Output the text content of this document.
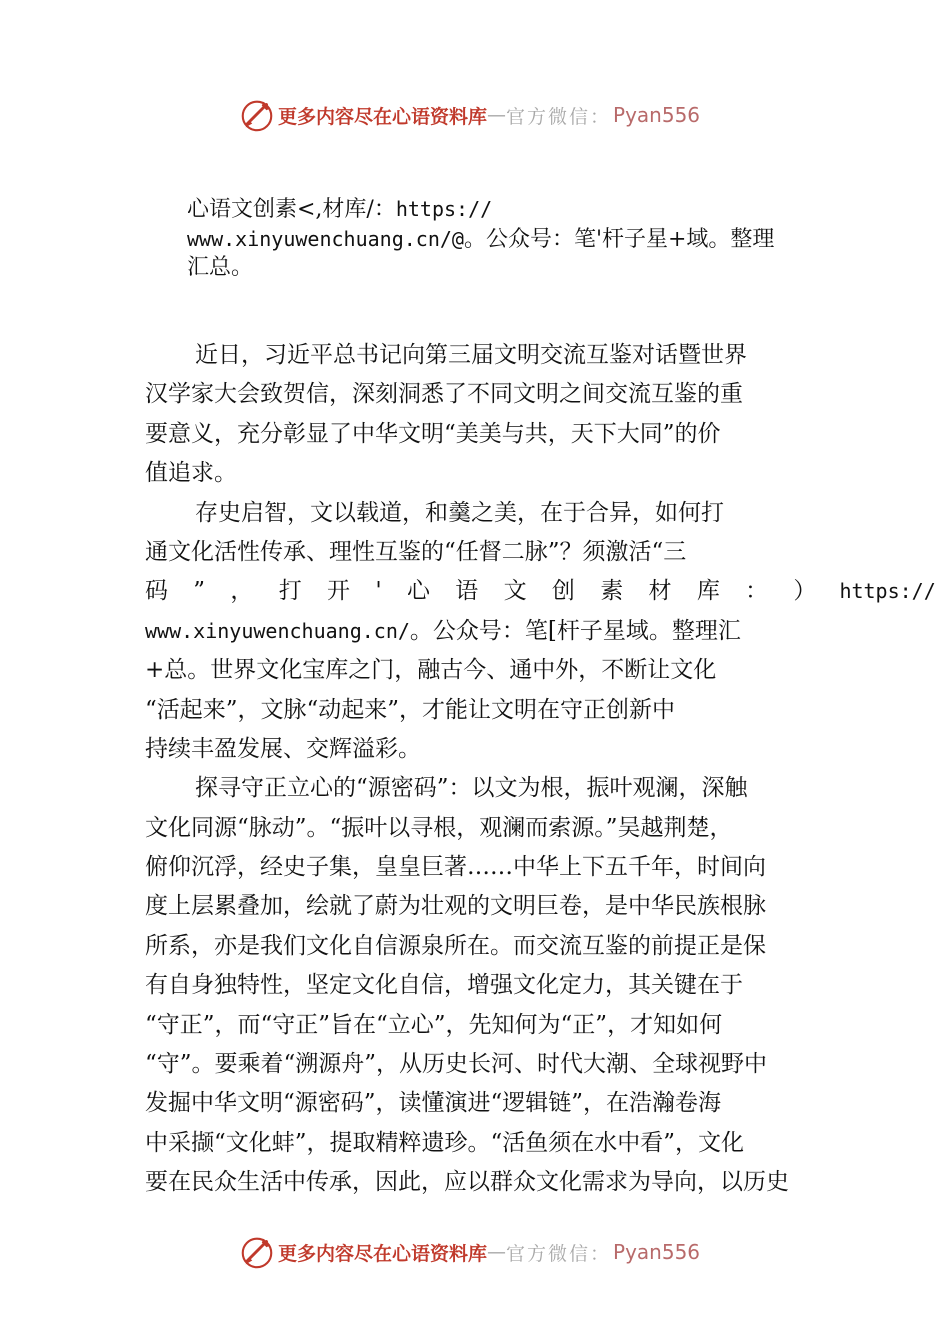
更多内容尽在心语资料库 — 官方微信： Pyan556
心语文创素<,材库/：https://
www.xinyuwenchuang.cn/@。公众号：笔'杆子星+域。整理
汇总。
近日，习近平总书记向第三届文明交流互鉴对话暨世界
汉学家大会致贺信，深刻洞悉了不同文明之间交流互鉴的重
要意义，充分彰显了中华文明“美美与共，天下大同”的价
值追求。
存史启智，文以载道，和羹之美，在于合异，如何打
通文化活性传承、理性互鉴的“任督二脉”？须激活“三
码 ” ， 打 开 ' 心 语 文 创 素 材 库 ： ） https://
www.xinyuwenchuang.cn/。公众号：笔[杆子星域。整理汇
+总。世界文化宝库之门，融古今、通中外，不断让文化
“活起来”，文脉“动起来”，才能让文明在守正创新中
持续丰盈发展、交辉溢彩。
探寻守正立心的“源密码”：以文为根，振叶观澜，深触
文化同源“脉动”。“振叶以寻根，观澜而索源。”吴越荆楚，
俯仰沉浮，经史子集，皇皇巨著……中华上下五千年，时间向
度上层累叠加，绘就了蔚为壮观的文明巨卷，是中华民族根脉
所系，亦是我们文化自信源泉所在。而交流互鉴的前提正是保
有自身独特性，坚定文化自信，增强文化定力，其关键在于
“守正”，而“守正”旨在“立心”，先知何为“正”，才知如何
“守”。要乘着“溯源舟”，从历史长河、时代大潮、全球视野中
发掘中华文明“源密码”，读懂演进“逻辑链”，在浩瀚卷海
中采撷“文化蚌”，提取精粹遗珍。“活鱼须在水中看”，文化
要在民众生活中传承，因此，应以群众文化需求为导向，以历史
更多内容尽在心语资料库 — 官方微信： Pyan556
